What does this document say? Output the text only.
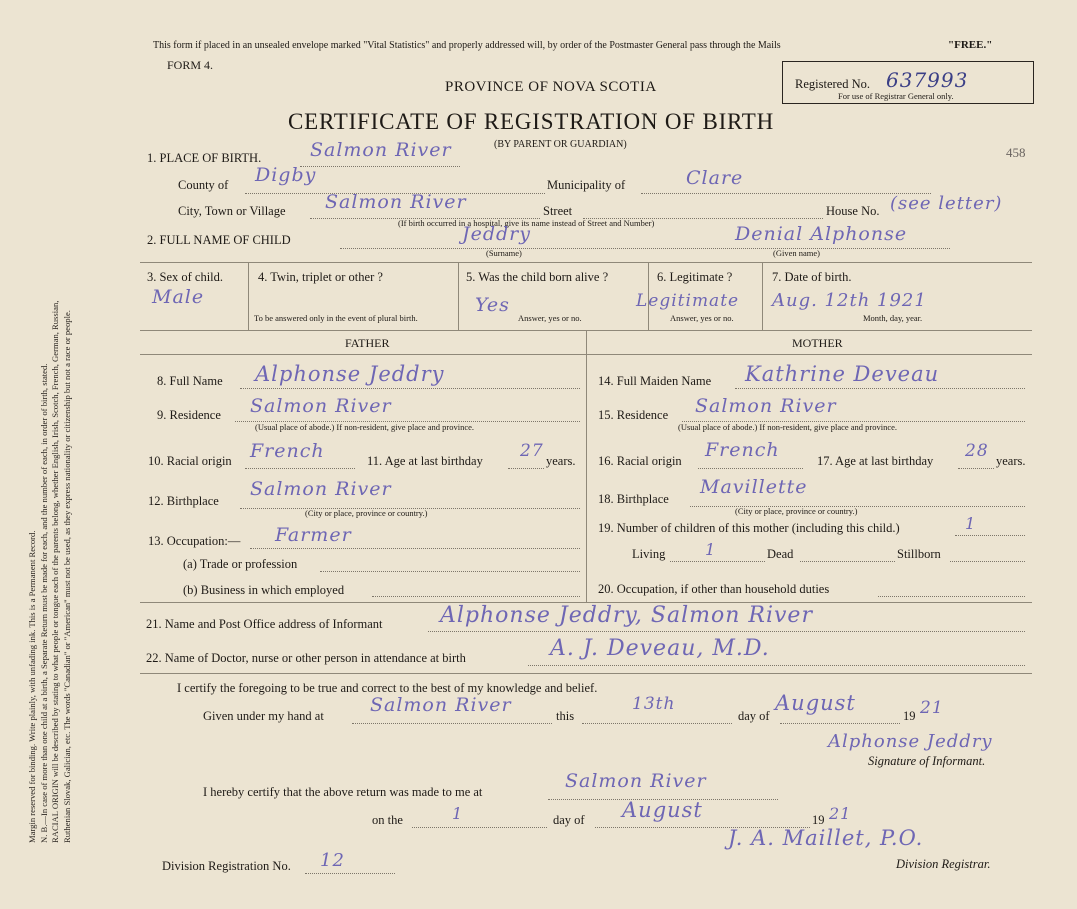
Margin reserved for binding. Write plainly, with unfading ink. This is a Permanent Record. N. B.—In case of more than one child at a birth, a Separate Return must be made for each, and the number of each, in order of birth, stated. RACIAL ORIGIN will be described by stating to what people or tongue each of the parents belong, whether English, Irish, Scotch, French, German, Russian, Ruthenian Slovak, Galician, etc. The words "Canadian" or "American" must not be used, as they express nationality or citizenship but not a race or people.
This form if placed in an unsealed envelope marked "Vital Statistics" and properly addressed will, by order of the Postmaster General pass through the Mails	"FREE."
FORM 4.
PROVINCE OF NOVA SCOTIA
CERTIFICATE OF REGISTRATION OF BIRTH
(BY PARENT OR GUARDIAN)
Registered No. 637993
For use of Registrar General only.
458
1. PLACE OF BIRTH.	Salmon River
County of Digby	Municipality of	Clare
City, Town or Village Salmon River	Street	House No. (see letter)
(If birth occurred in a hospital, give its name instead of Street and Number)
2. FULL NAME OF CHILD	Jeddry	Denial Alphonse
(Surname)	(Given name)
3. Sex of child.
Male
4. Twin, triplet or other ?
To be answered only in the event of plural birth.
5. Was the child born alive ?
Yes
Answer, yes or no.
6. Legitimate ?
Legitimate
Answer, yes or no.
7. Date of birth.
Aug. 12th 1921
Month, day, year.
FATHER	MOTHER
8. Full Name Alphonse Jeddry
9. Residence Salmon River
(Usual place of abode.) If non-resident, give place and province.
10. Racial origin French	11. Age at last birthday 27 years.
12. Birthplace
Salmon River
(City or place, province or country.)
13. Occupation:— Farmer
(a) Trade or profession
(b) Business in which employed
14. Full Maiden Name Kathrine Deveau
15. Residence Salmon River
(Usual place of abode.) If non-resident, give place and province.
16. Racial origin French	17. Age at last birthday 28 years.
18. Birthplace
Mavillette
(City or place, province or country.)
19. Number of children of this mother (including this child.)	1
Living 1	Dead	Stillborn
20. Occupation, if other than household duties
21. Name and Post Office address of Informant	Alphonse Jeddry, Salmon River
22. Name of Doctor, nurse or other person in attendance at birth	A. J. Deveau, M.D.
I certify the foregoing to be true and correct to the best of my knowledge and belief.
Given under my hand at Salmon River	this
13th
day of
August
19 21
Alphonse Jeddry
Signature of Informant.
I hereby certify that the above return was made to me at	Salmon River
on the	1	day of August	19 21
J. A. Maillet, P.O.
Division Registrar.
Division Registration No. 12
